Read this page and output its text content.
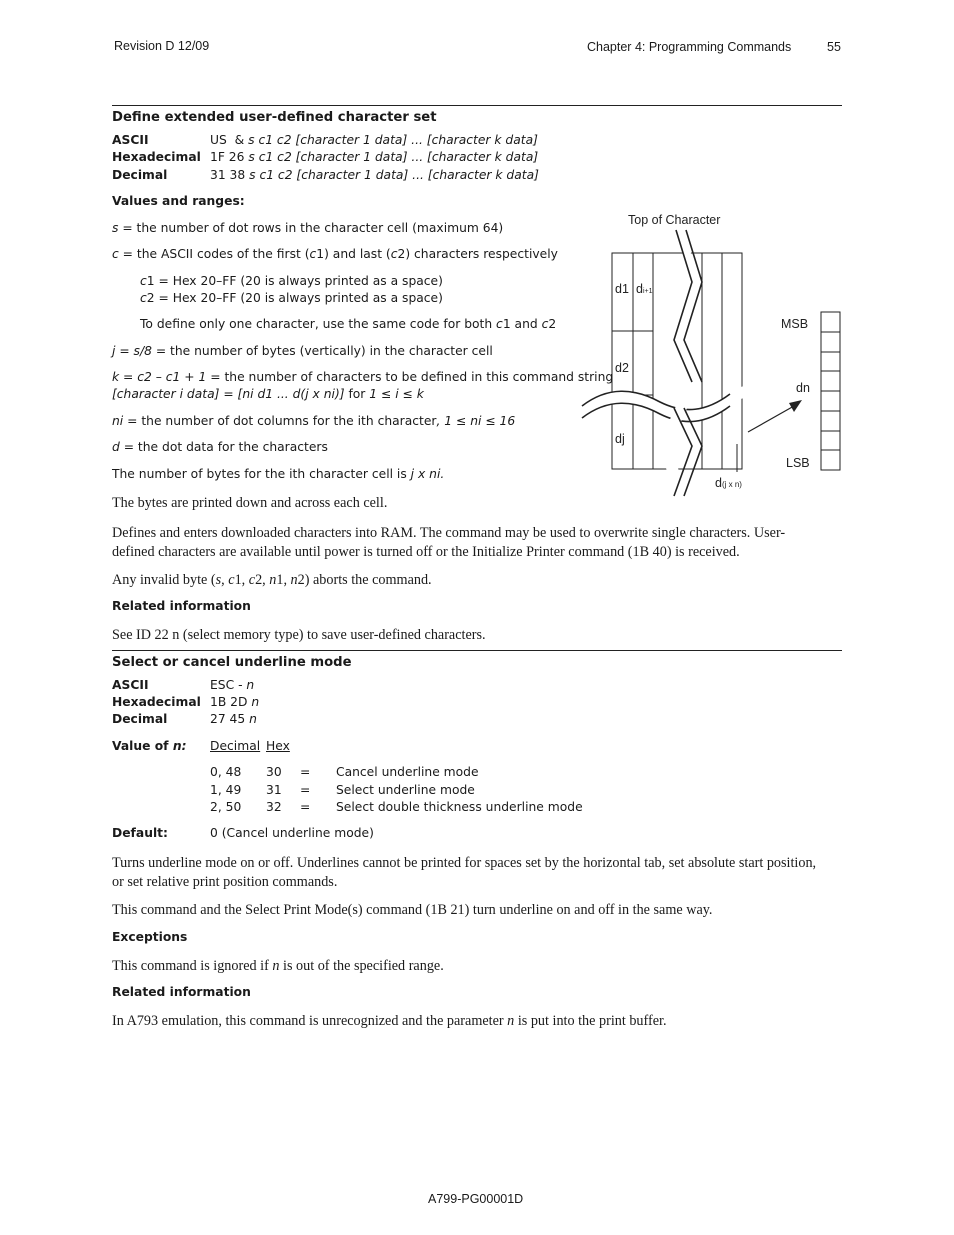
Revision D 12/09	Chapter 4: Programming Commands	55
Define extended user-defined character set
ASCII	US  & s c1 c2 [character 1 data] ... [character k data]
Hexadecimal 1F 26 s c1 c2 [character 1 data] ... [character k data]
Decimal	31 38 s c1 c2 [character 1 data] ... [character k data]
Values and ranges:
s = the number of dot rows in the character cell (maximum 64)
c = the ASCII codes of the first (c1) and last (c2) characters respectively
c1 = Hex 20–FF (20 is always printed as a space)
c2 = Hex 20–FF (20 is always printed as a space)
To define only one character, use the same code for both c1 and c2
j = s/8 = the number of bytes (vertically) in the character cell
k = c2 – c1 + 1 = the number of characters to be defined in this command string
[character i data] = [ni d1 ... d(j x ni)] for 1 ≤ i ≤ k
ni = the number of dot columns for the ith character, 1 ≤ ni ≤ 16
d = the dot data for the characters
The number of bytes for the ith character cell is j x ni.
Top of Character
d1 di+1
d2
dj
d(j x n)
MSB
LSB
dn
The bytes are printed down and across each cell.
Defines and enters downloaded characters into RAM. The command may be used to overwrite single characters. User-defined characters are available until power is turned off or the Initialize Printer command (1B 40) is received.
Any invalid byte (s, c1, c2, n1, n2) aborts the command.
Related information
See ID 22 n (select memory type) to save user-defined characters.
Select or cancel underline mode
ASCII	ESC - n
Hexadecimal 1B 2D n
Decimal	27 45 n
Value of n: Decimal Hex
0, 48 30 = Cancel underline mode
1, 49 31 = Select underline mode
2, 50 32 = Select double thickness underline mode
Default:	0 (Cancel underline mode)
Turns underline mode on or off. Underlines cannot be printed for spaces set by the horizontal tab, set absolute start position, or set relative print position commands.
This command and the Select Print Mode(s) command (1B 21) turn underline on and off in the same way.
Exceptions
This command is ignored if n is out of the specified range.
Related information
In A793 emulation, this command is unrecognized and the parameter n is put into the print buffer.
A799-PG00001D
